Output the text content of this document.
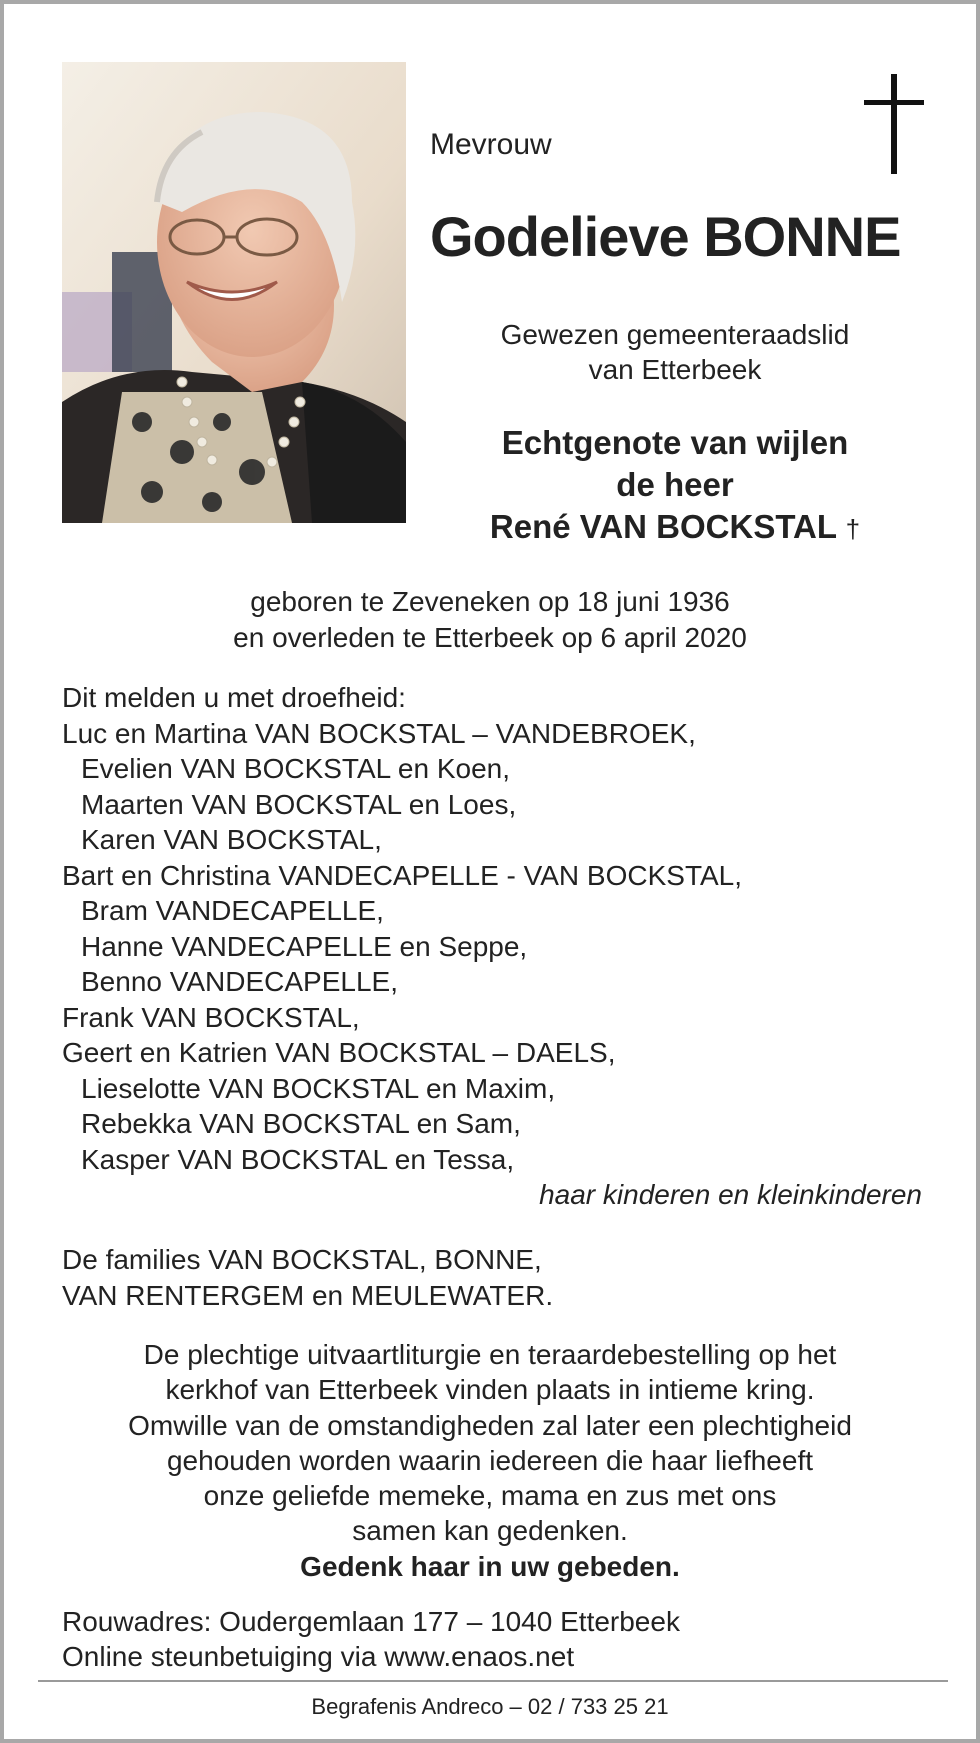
Mevrouw
Godelieve BONNE
Gewezen gemeenteraadslid
van Etterbeek
Echtgenote van wijlen
de heer
René VAN BOCKSTAL †
geboren te Zeveneken op 18 juni 1936
en overleden te Etterbeek op 6 april 2020
Dit melden u met droefheid:
Luc en Martina VAN BOCKSTAL – VANDEBROEK,
Evelien VAN BOCKSTAL en Koen,
Maarten VAN BOCKSTAL en Loes,
Karen VAN BOCKSTAL,
Bart en Christina VANDECAPELLE - VAN BOCKSTAL,
Bram VANDECAPELLE,
Hanne VANDECAPELLE en Seppe,
Benno VANDECAPELLE,
Frank VAN BOCKSTAL,
Geert en Katrien VAN BOCKSTAL – DAELS,
Lieselotte VAN BOCKSTAL en Maxim,
Rebekka VAN BOCKSTAL en Sam,
Kasper VAN BOCKSTAL en Tessa,
haar kinderen en kleinkinderen
De families VAN BOCKSTAL, BONNE,
VAN RENTERGEM en MEULEWATER.
De plechtige uitvaartliturgie en teraardebestelling op het
kerkhof van Etterbeek vinden plaats in intieme kring.
Omwille van de omstandigheden zal later een plechtigheid
gehouden worden waarin iedereen die haar liefheeft
onze geliefde memeke, mama en zus met ons
samen kan gedenken.
Gedenk haar in uw gebeden.
Rouwadres: Oudergemlaan 177 – 1040 Etterbeek
Online steunbetuiging via www.enaos.net
Begrafenis Andreco – 02 / 733 25 21
